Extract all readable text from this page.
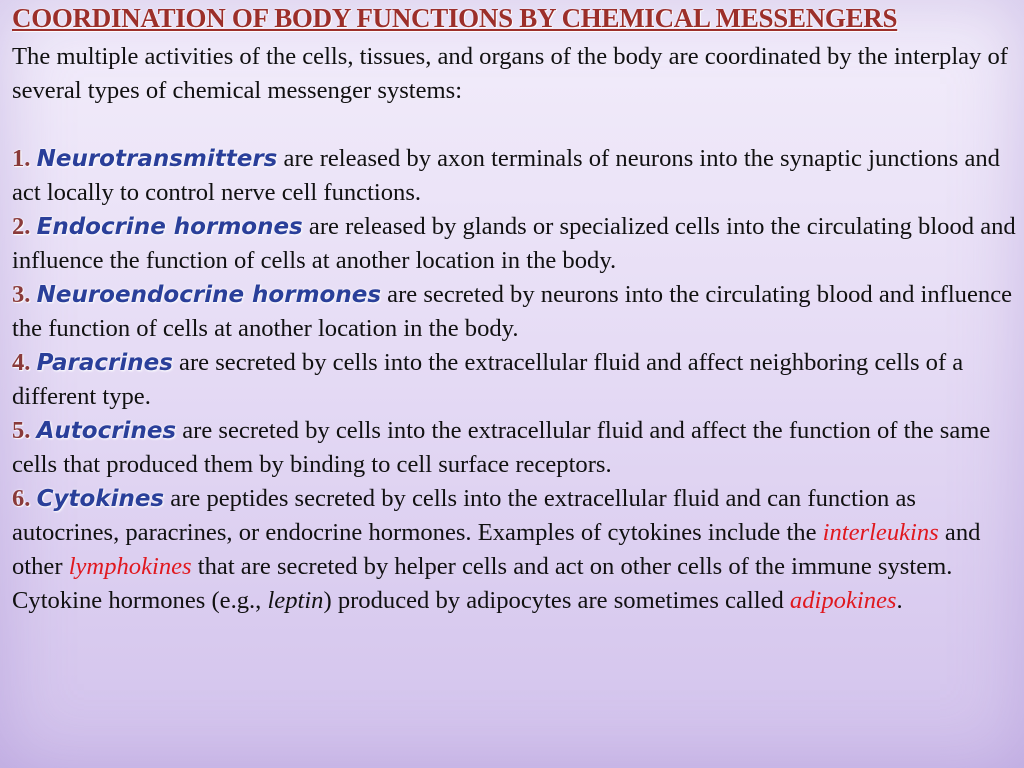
COORDINATION OF BODY FUNCTIONS BY CHEMICAL MESSENGERS

The multiple activities of the cells, tissues, and organs of the body are coordinated by the interplay of several types of chemical messenger systems:

1. Neurotransmitters are released by axon terminals of neurons into the synaptic junctions and act locally to control nerve cell functions.

2. Endocrine hormones are released by glands or specialized cells into the circulating blood and influence the function of cells at another location in the body.

3. Neuroendocrine hormones are secreted by neurons into the circulating blood and influence the function of cells at another location in the body.

4. Paracrines are secreted by cells into the extracellular fluid and affect neighboring cells of a different type.

5. Autocrines are secreted by cells into the extracellular fluid and affect the function of the same cells that produced them by binding to cell surface receptors.

6. Cytokines are peptides secreted by cells into the extracellular fluid and can function as autocrines, paracrines, or endocrine hormones. Examples of cytokines include the interleukins and other lymphokines that are secreted by helper cells and act on other cells of the immune system. Cytokine hormones (e.g., leptin) produced by adipocytes are sometimes called adipokines.
